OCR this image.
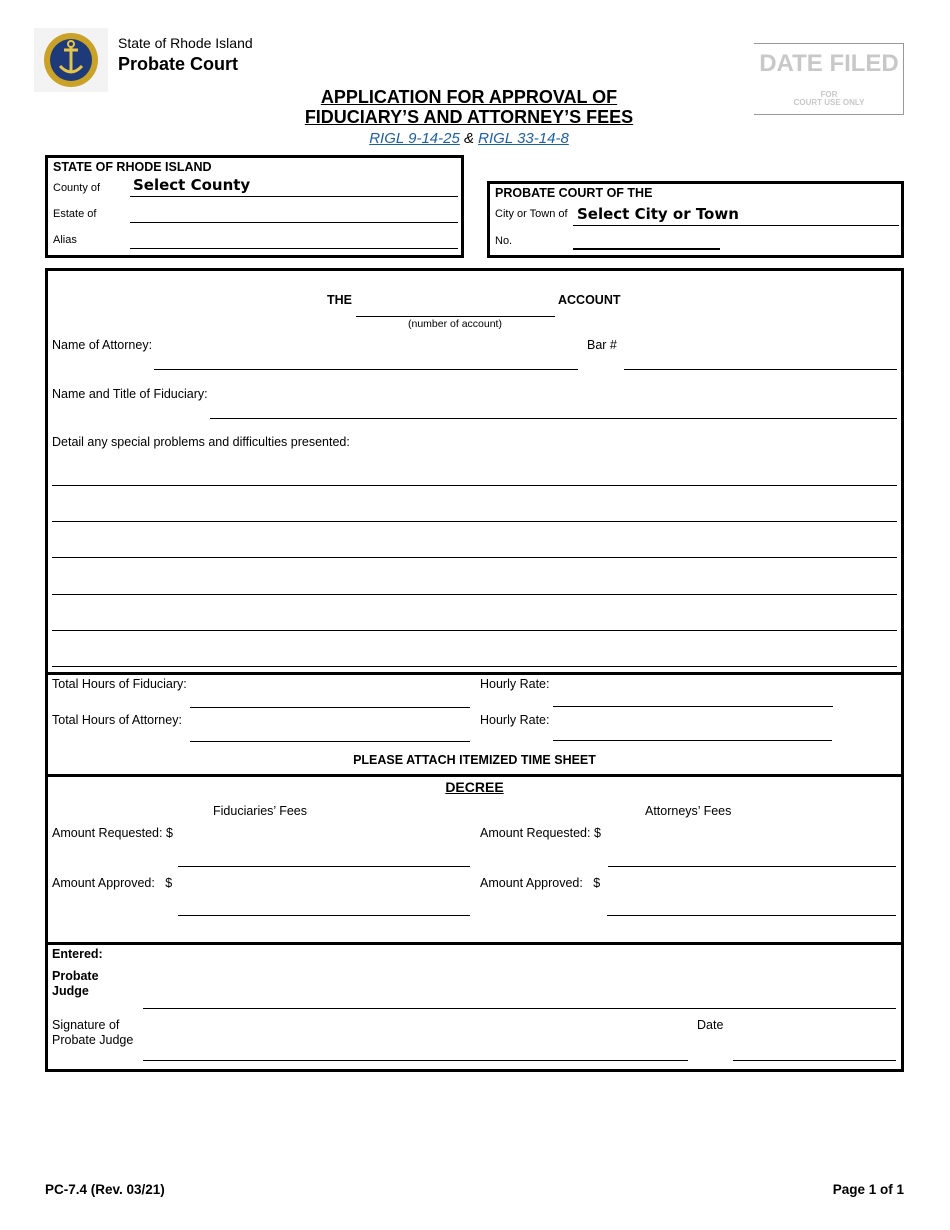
State of Rhode Island
Probate Court	DATE FILED
FOR
COURT USE ONLY
APPLICATION FOR APPROVAL OF
FIDUCIARY’S AND ATTORNEY’S FEES
RIGL 9-14-25 & RIGL 33-14-8
STATE OF RHODE ISLAND
County of Select County
Estate of
Alias
PROBATE COURT OF THE
City or Town of Select City or Town
No.
THE	ACCOUNT
(number of account)
Name of Attorney:	Bar #
Name and Title of Fiduciary:
Detail any special problems and difficulties presented:
Total Hours of Fiduciary:	Hourly Rate:
Total Hours of Attorney:	Hourly Rate:
PLEASE ATTACH ITEMIZED TIME SHEET
DECREE
Fiduciaries’ Fees	Attorneys’ Fees
Amount Requested: $	Amount Requested: $
Amount Approved:   $	Amount Approved:   $
Entered:
Probate
Judge
Signature of
Probate Judge
Date
PC-7.4 (Rev. 03/21)	Page 1 of 1
